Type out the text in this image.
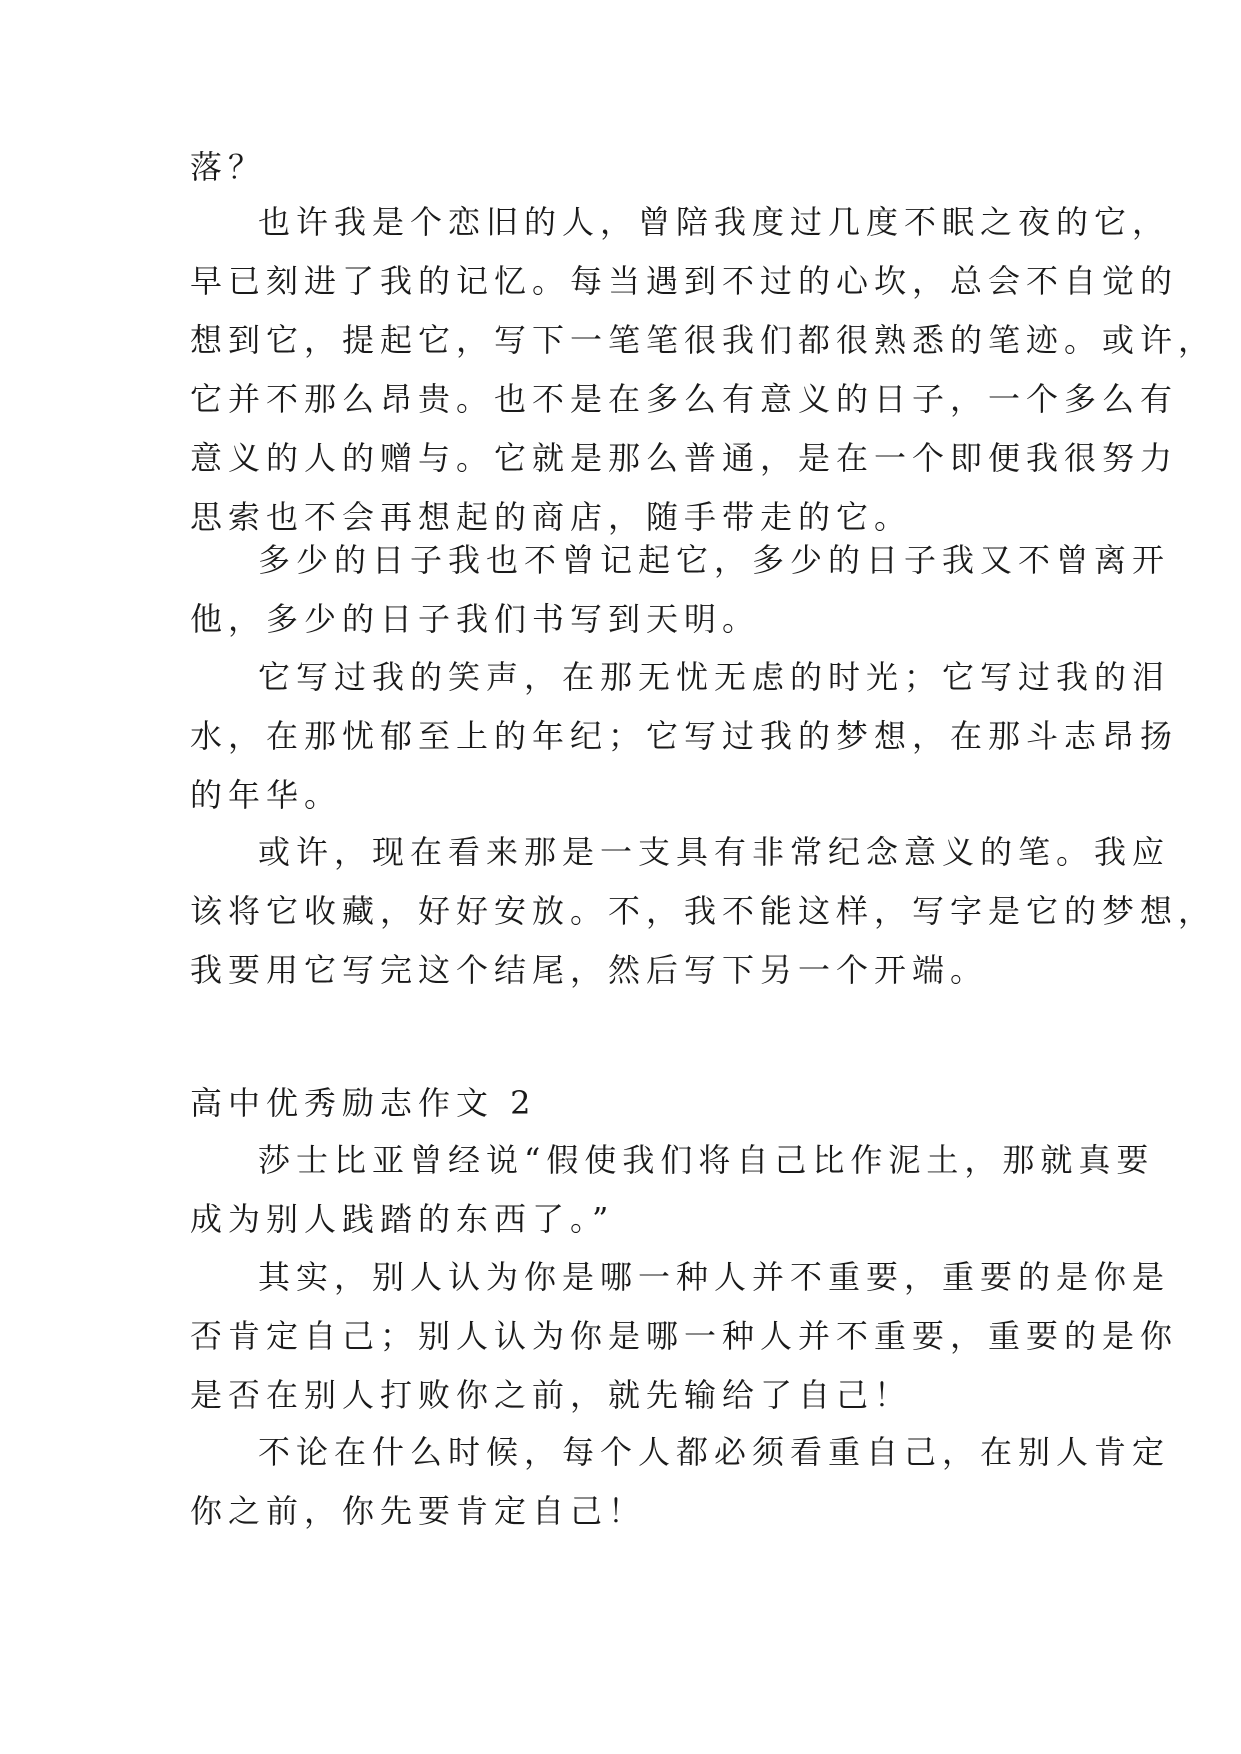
落？
也许我是个恋旧的人，曾陪我度过几度不眠之夜的它，
早已刻进了我的记忆。每当遇到不过的心坎，总会不自觉的
想到它，提起它，写下一笔笔很我们都很熟悉的笔迹。或许，
它并不那么昂贵。也不是在多么有意义的日子，一个多么有
意义的人的赠与。它就是那么普通，是在一个即便我很努力
思索也不会再想起的商店，随手带走的它。
多少的日子我也不曾记起它，多少的日子我又不曾离开
他，多少的日子我们书写到天明。
它写过我的笑声，在那无忧无虑的时光；它写过我的泪
水，在那忧郁至上的年纪；它写过我的梦想，在那斗志昂扬
的年华。
或许，现在看来那是一支具有非常纪念意义的笔。我应
该将它收藏，好好安放。不，我不能这样，写字是它的梦想，
我要用它写完这个结尾，然后写下另一个开端。
高中优秀励志作文 2
莎士比亚曾经说“假使我们将自己比作泥土，那就真要
成为别人践踏的东西了。”
其实，别人认为你是哪一种人并不重要，重要的是你是
否肯定自己；别人认为你是哪一种人并不重要，重要的是你
是否在别人打败你之前，就先输给了自己！
不论在什么时候，每个人都必须看重自己，在别人肯定
你之前，你先要肯定自己！
